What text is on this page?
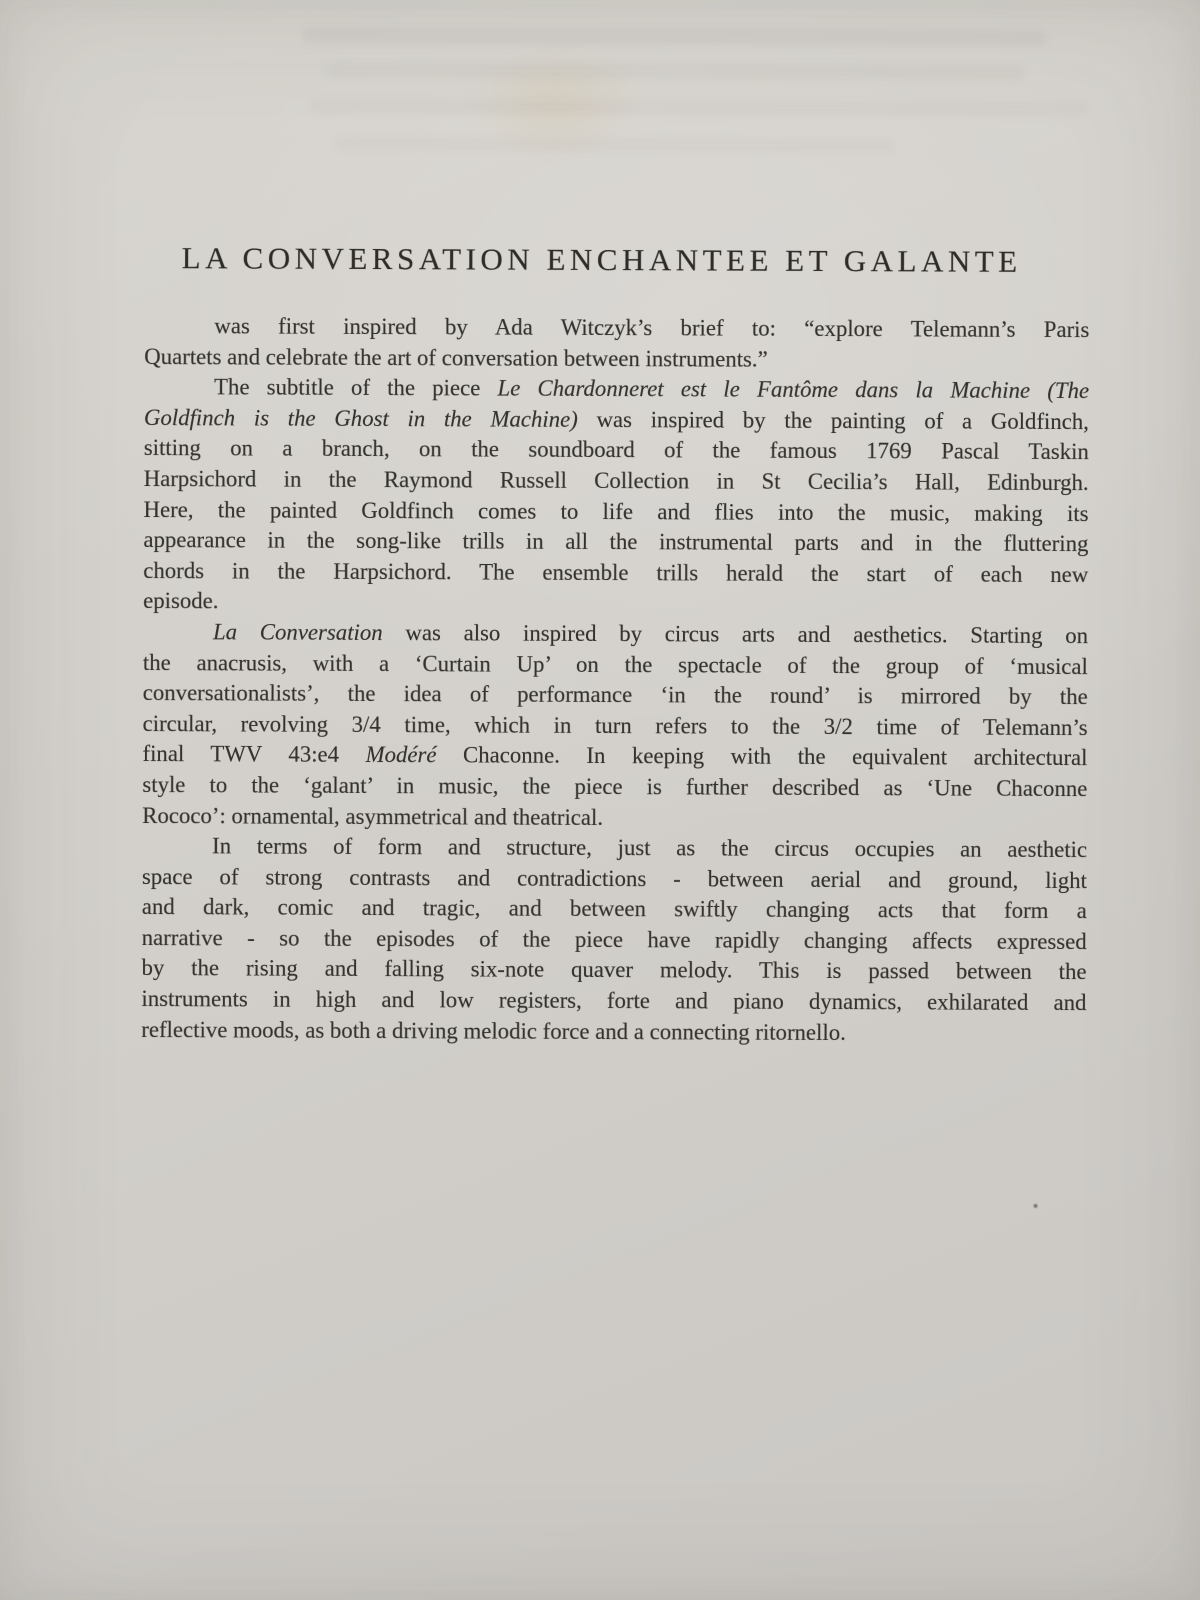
LA CONVERSATION ENCHANTEE ET GALANTE
was first inspired by Ada Witczyk’s brief to: “explore Telemann’s Paris
Quartets and celebrate the art of conversation between instruments.”
The subtitle of the piece Le Chardonneret est le Fantôme dans la Machine (The
Goldfinch is the Ghost in the Machine) was inspired by the painting of a Goldfinch,
sitting on a branch, on the soundboard of the famous 1769 Pascal Taskin
Harpsichord in the Raymond Russell Collection in St Cecilia’s Hall, Edinburgh.
Here, the painted Goldfinch comes to life and flies into the music, making its
appearance in the song-like trills in all the instrumental parts and in the fluttering
chords in the Harpsichord. The ensemble trills herald the start of each new
episode.
La Conversation was also inspired by circus arts and aesthetics. Starting on
the anacrusis, with a ‘Curtain Up’ on the spectacle of the group of ‘musical
conversationalists’, the idea of performance ‘in the round’ is mirrored by the
circular, revolving 3/4 time, which in turn refers to the 3/2 time of Telemann’s
final TWV 43:e4 Modéré Chaconne. In keeping with the equivalent architectural
style to the ‘galant’ in music, the piece is further described as ‘Une Chaconne
Rococo’: ornamental, asymmetrical and theatrical.
In terms of form and structure, just as the circus occupies an aesthetic
space of strong contrasts and contradictions - between aerial and ground, light
and dark, comic and tragic, and between swiftly changing acts that form a
narrative - so the episodes of the piece have rapidly changing affects expressed
by the rising and falling six-note quaver melody. This is passed between the
instruments in high and low registers, forte and piano dynamics, exhilarated and
reflective moods, as both a driving melodic force and a connecting ritornello.
